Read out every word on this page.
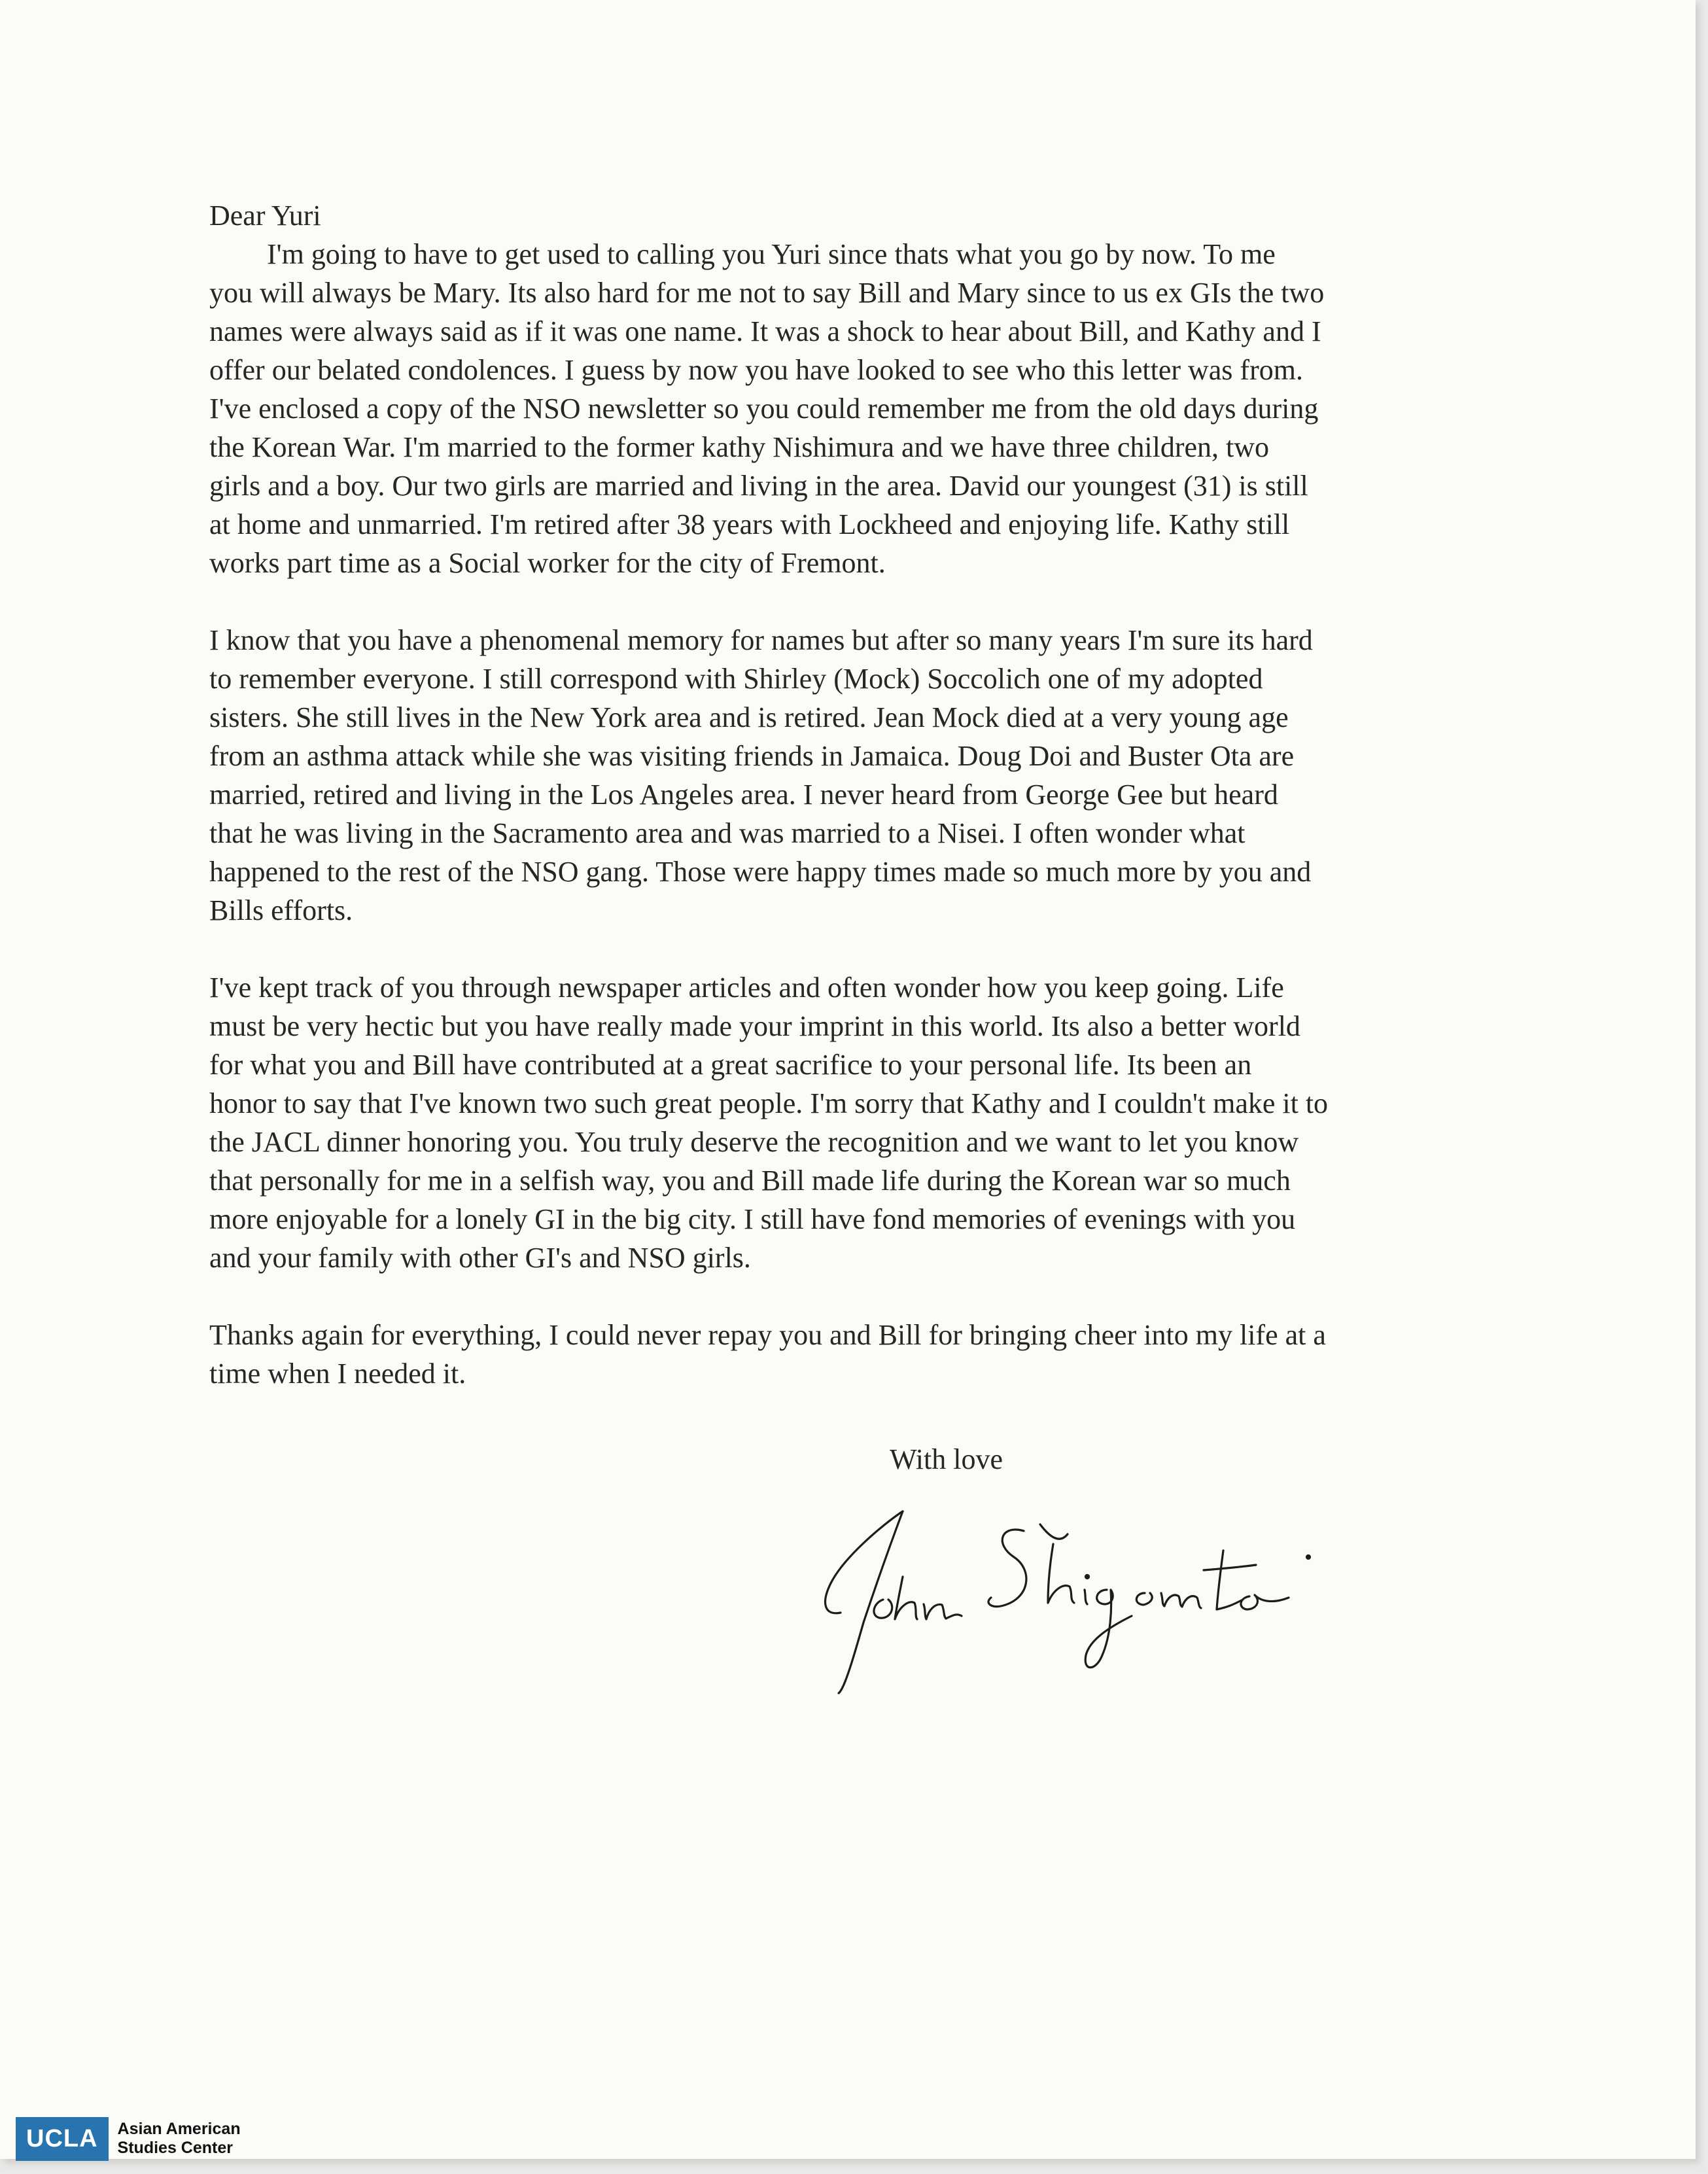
Dear Yuri

I'm going to have to get used to calling you Yuri since thats what you go by now. To me
you will always be Mary. Its also hard for me not to say Bill and Mary since to us ex GIs the two
names were always said as if it was one name. It was a shock to hear about Bill, and Kathy and I
offer our belated condolences. I guess by now you have looked to see who this letter was from.
I've enclosed a copy of the NSO newsletter so you could remember me from the old days during
the Korean War. I'm married to the former kathy Nishimura and we have three children, two
girls and a boy. Our two girls are married and living in the area. David our youngest (31) is still
at home and unmarried. I'm retired after 38 years with Lockheed and enjoying life. Kathy still
works part time as a Social worker for the city of Fremont.
I know that you have a phenomenal memory for names but after so many years I'm sure its hard
to remember everyone. I still correspond with Shirley (Mock) Soccolich one of my adopted
sisters. She still lives in the New York area and is retired. Jean Mock died at a very young age
from an asthma attack while she was visiting friends in Jamaica. Doug Doi and Buster Ota are
married, retired and living in the Los Angeles area. I never heard from George Gee but heard
that he was living in the Sacramento area and was married to a Nisei. I often wonder what
happened to the rest of the NSO gang. Those were happy times made so much more by you and
Bills efforts.
I've kept track of you through newspaper articles and often wonder how you keep going. Life
must be very hectic but you have really made your imprint in this world. Its also a better world
for what you and Bill have contributed at a great sacrifice to your personal life. Its been an
honor to say that I've known two such great people. I'm sorry that Kathy and I couldn't make it to
the JACL dinner honoring you. You truly deserve the recognition and we want to let you know
that personally for me in a selfish way, you and Bill made life during the Korean war so much
more enjoyable for a lonely GI in the big city. I still have fond memories of evenings with you
and your family with other GI's and NSO girls.
Thanks again for everything, I could never repay you and Bill for bringing cheer into my life at a
time when I needed it.
With love
UCLA	Asian American
Studies Center
